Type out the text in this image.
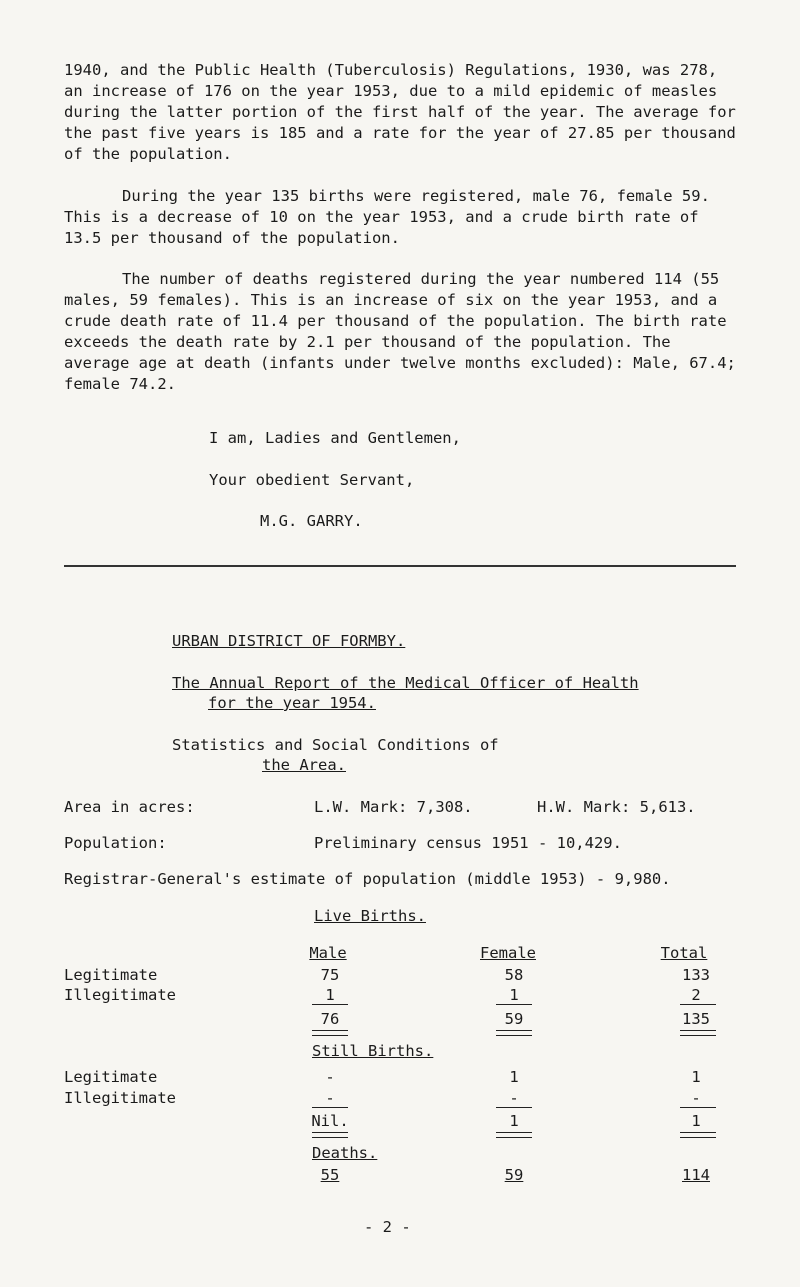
1940, and the Public Health (Tuberculosis) Regulations, 1930, was 278, an increase of 176 on the year 1953, due to a mild epidemic of measles during the latter portion of the first half of the year. The average for the past five years is 185 and a rate for the year of 27.85 per thousand of the population.

During the year 135 births were registered, male 76, female 59. This is a decrease of 10 on the year 1953, and a crude birth rate of 13.5 per thousand of the population.

The number of deaths registered during the year numbered 114 (55 males, 59 females). This is an increase of six on the year 1953, and a crude death rate of 11.4 per thousand of the population. The birth rate exceeds the death rate by 2.1 per thousand of the population. The average age at death (infants under twelve months excluded): Male, 67.4; female 74.2.

I am, Ladies and Gentlemen,
Your obedient Servant,
M.G. GARRY.
URBAN DISTRICT OF FORMBY.
The Annual Report of the Medical Officer of Health
for the year 1954.
Statistics and Social Conditions of
the Area.
Area in acres:	L.W. Mark: 7,308.	H.W. Mark: 5,613.
Population:	Preliminary census 1951 - 10,429.
Registrar-General's estimate of population (middle 1953) - 9,980.
Live Births.
Male	Female	Total
Legitimate	75	58	133
Illegitimate	1	1	2
76	59	135
Still Births.
Legitimate	-	1	1
Illegitimate	-	-	-
Nil.	1	1
Deaths.
55	59	114
- 2 -
